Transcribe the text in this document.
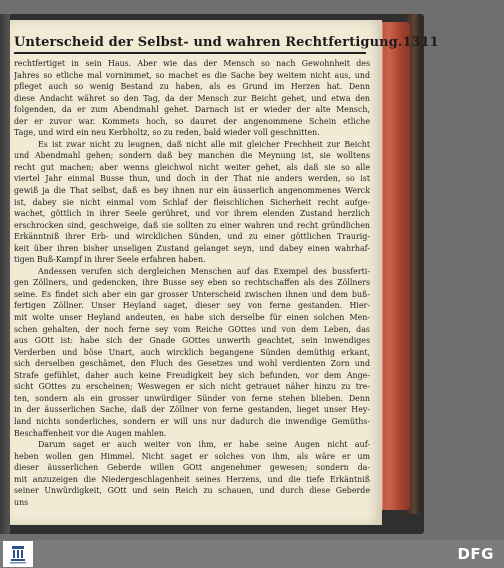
Unterscheid der Selbst- und wahren Rechtfertigung. 1311
rechtfertiget in sein Haus. Aber wie das der Mensch so nach Gewohnheit des
Jahres so etliche mal vornimmet, so machet es die Sache bey weitem nicht aus, und
pfleget auch so wenig Bestand zu haben, als es Grund im Herzen hat. Denn
diese Andacht währet so den Tag, da der Mensch zur Beicht gehet, und etwa den
folgenden, da er zum Abendmahl gehet. Darnach ist er wieder der alte Mensch,
der er zuvor war. Kommets hoch, so dauret der angenommene Schein etliche
Tage, und wird ein neu Kerbholtz, so zu reden, bald wieder voll geschnitten.
Es ist zwar nicht zu leugnen, daß nicht alle mit gleicher Frechheit zur Beicht
und Abendmahl gehen; sondern daß bey manchen die Meynung ist, sie wolltens
recht gut machen; aber wenns gleichwol nicht weiter gehet, als daß sie so alle
viertel Jahr einmal Busse thun, und doch in der That nie anders werden, so ist
gewiß ja die That selbst, daß es bey ihnen nur ein äusserlich angenommenes Werck
ist, dabey sie nicht einmal vom Schlaf der fleischlichen Sicherheit recht aufge-
wachet, göttlich in ihrer Seele gerühret, und vor ihrem elenden Zustand herzlich
erschrocken sind, geschweige, daß sie sollten zu einer wahren und recht gründlichen
Erkänntniß ihrer Erb- und wircklichen Sünden, und zu einer göttlichen Traurig-
keit über ihren bisher unseligen Zustand gelanget seyn, und dabey einen wahrhaf-
tigen Buß-Kampf in ihrer Seele erfahren haben.
Andessen verufen sich dergleichen Menschen auf das Exempel des bussferti-
gen Zöllners, und gedencken, ihre Busse sey eben so rechtschaffen als des Zöllners
seine. Es findet sich aber ein gar grosser Unterscheid zwischen ihnen und dem buß-
fertigen Zöllner. Unser Heyland saget, dieser sey von ferne gestanden. Hier-
mit wolte unser Heyland andeuten, es habe sich derselbe für einen solchen Men-
schen gehalten, der noch ferne sey vom Reiche GOttes und von dem Leben, das
aus GOtt ist: habe sich der Gnade GOttes unwerth geachtet, sein inwendiges
Verderben und böse Unart, auch wircklich begangene Sünden demüthig erkant,
sich derselben geschämet, den Fluch des Gesetzes und wohl verdienten Zorn und
Strafe gefühlet, daher auch keine Freudigkeit bey sich befunden, vor dem Ange-
sicht GOttes zu erscheinen; Weswegen er sich nicht getrauet näher hinzu zu tre-
ten, sondern als ein grosser unwürdiger Sünder von ferne stehen blieben. Denn
in der äusserlichen Sache, daß der Zöllner von ferne gestanden, lieget unser Hey-
land nichts sonderliches, sondern er will uns nur dadurch die inwendige Gemüths-
Beschaffenheit vor die Augen mahlen.
Darum saget er auch weiter von ihm, er habe seine Augen nicht auf-
heben wollen gen Himmel. Nicht saget er solches von ihm, als wäre er um
dieser äusserlichen Geberde willen GOtt angenehmer gewesen; sondern da-
mit anzuzeigen die Niedergeschlagenheit seines Herzens, und die tiefe Erkäntniß
seiner Unwürdigkeit, GOtt und sein Reich zu schauen, und durch diese Geberde
uns
DFG
